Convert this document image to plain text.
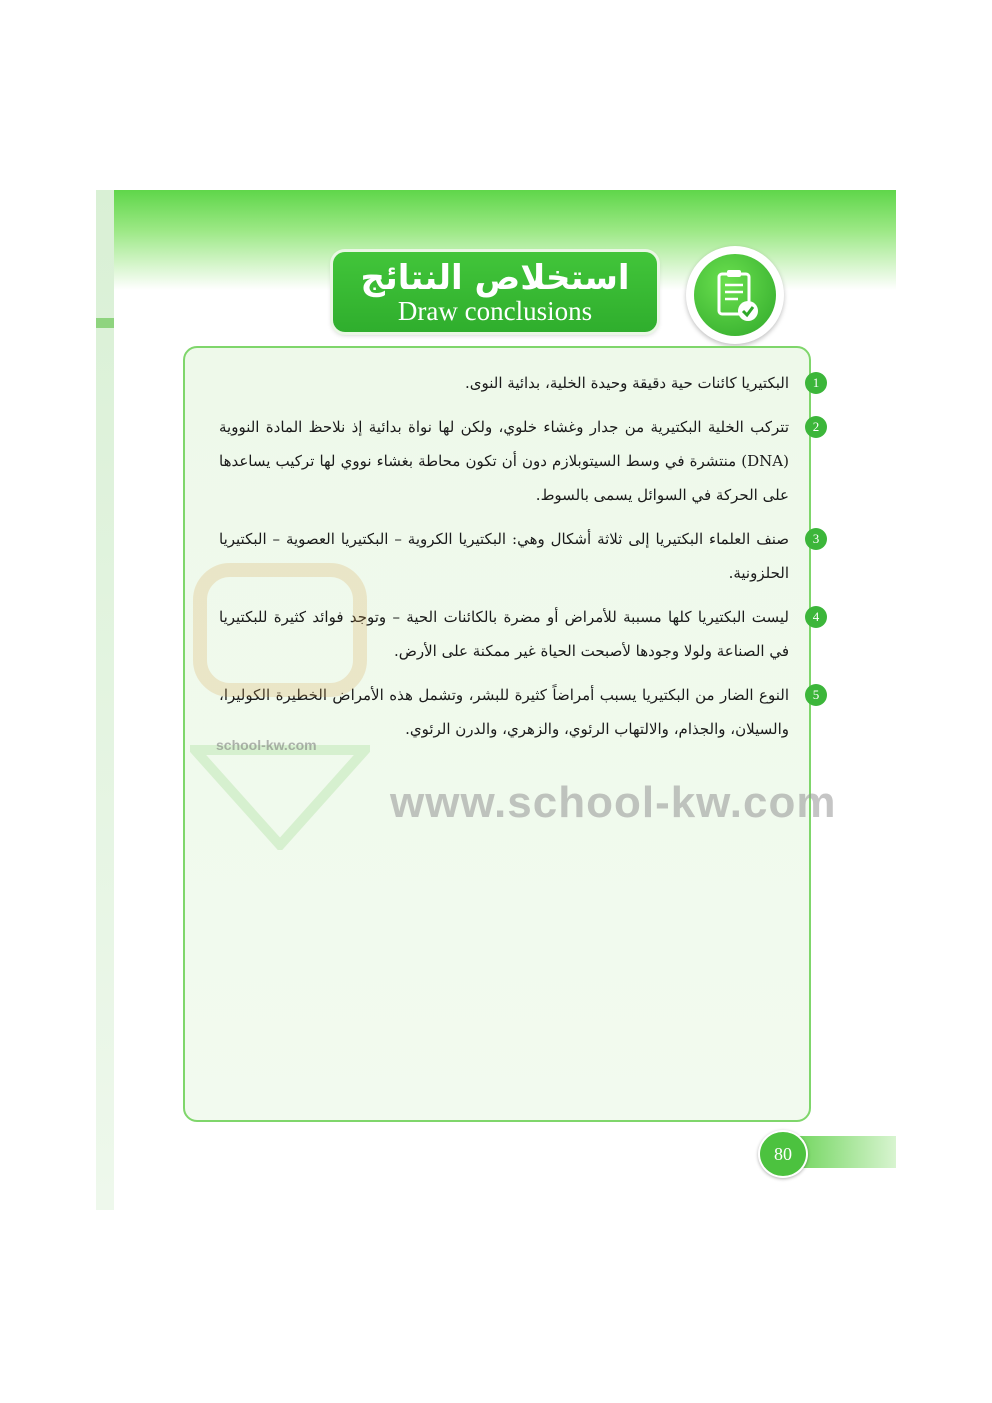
استخلاص النتائج
Draw conclusions
1
البكتيريا كائنات حية دقيقة وحيدة الخلية، بدائية النوى.
2
تتركب الخلية البكتيرية من جدار وغشاء خلوي، ولكن لها نواة بدائية إذ نلاحظ المادة النووية (DNA) منتشرة في وسط السيتوبلازم دون أن تكون محاطة بغشاء نووي لها تركيب يساعدها على الحركة في السوائل يسمى بالسوط.
3
صنف العلماء البكتيريا إلى ثلاثة أشكال وهي: البكتيريا الكروية – البكتيريا العصوية – البكتيريا الحلزونية.
4
ليست البكتيريا كلها مسببة للأمراض أو مضرة بالكائنات الحية – وتوجد فوائد كثيرة للبكتيريا في الصناعة ولولا وجودها لأصبحت الحياة غير ممكنة على الأرض.
5
النوع الضار من البكتيريا يسبب أمراضاً كثيرة للبشر، وتشمل هذه الأمراض الخطيرة الكوليرا، والسيلان، والجذام، والالتهاب الرئوي، والزهري، والدرن الرئوي.
school-kw.com
www.school-kw.com
80
